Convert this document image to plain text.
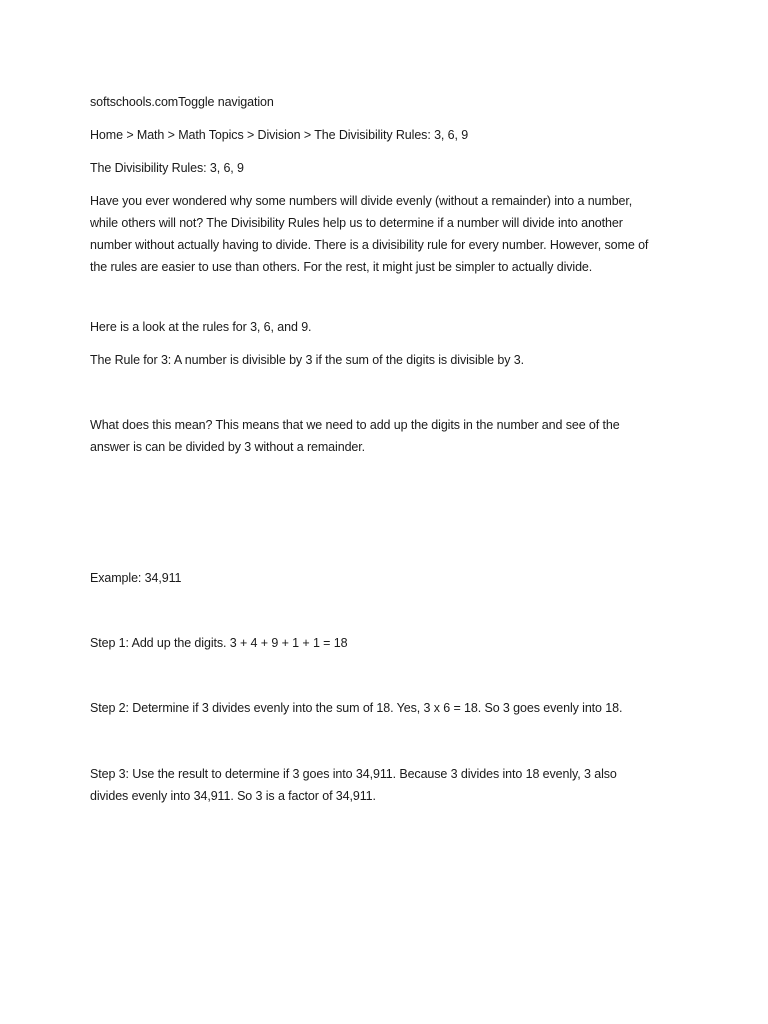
softschools.comToggle navigation

Home > Math > Math Topics > Division > The Divisibility Rules: 3, 6, 9

The Divisibility Rules: 3, 6, 9

Have you ever wondered why some numbers will divide evenly (without a remainder) into a number, while others will not? The Divisibility Rules help us to determine if a number will divide into another number without actually having to divide. There is a divisibility rule for every number. However, some of the rules are easier to use than others. For the rest, it might just be simpler to actually divide.

Here is a look at the rules for 3, 6, and 9.

The Rule for 3: A number is divisible by 3 if the sum of the digits is divisible by 3.

What does this mean? This means that we need to add up the digits in the number and see of the answer is can be divided by 3 without a remainder.

Example: 34,911

Step 1: Add up the digits. 3 + 4 + 9 + 1 + 1 = 18

Step 2: Determine if 3 divides evenly into the sum of 18. Yes, 3 x 6 = 18. So 3 goes evenly into 18.

Step 3: Use the result to determine if 3 goes into 34,911. Because 3 divides into 18 evenly, 3 also divides evenly into 34,911. So 3 is a factor of 34,911.
